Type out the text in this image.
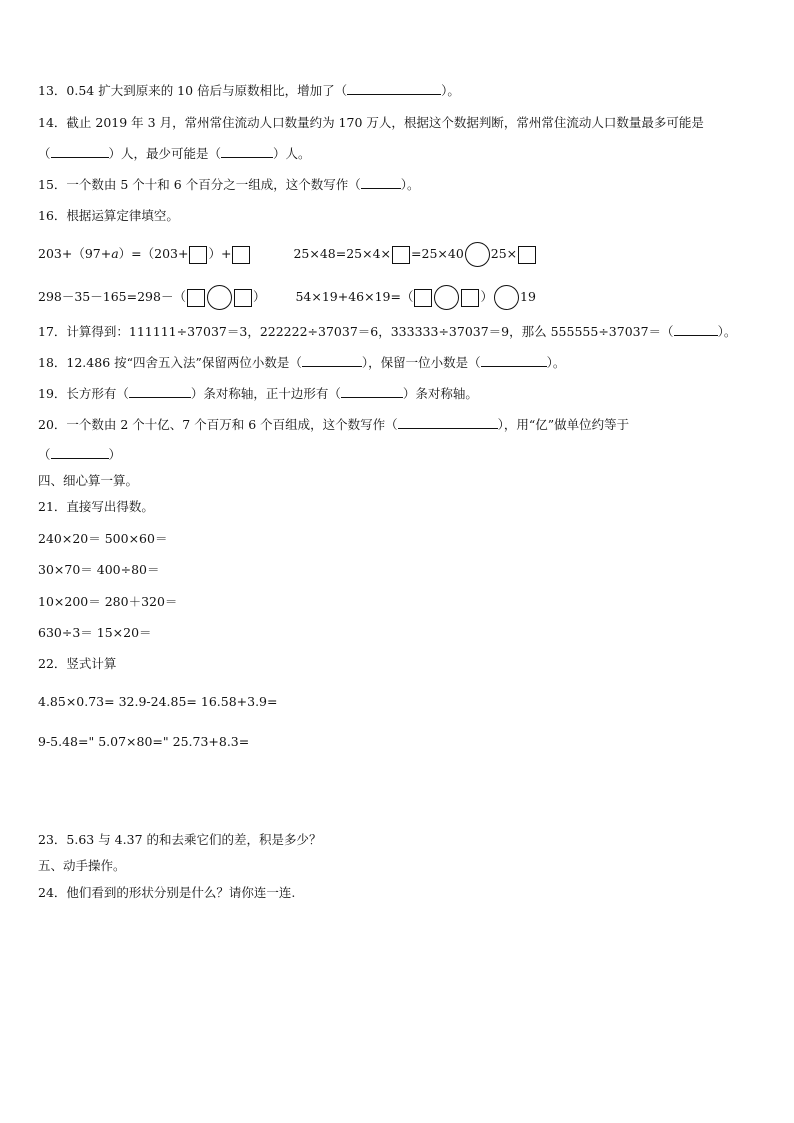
13．0.54 扩大到原来的 10 倍后与原数相比，增加了（	）。
14．截止 2019 年 3 月，常州常住流动人口数量约为 170 万人，根据这个数据判断，常州常住流动人口数量最多可能是
（	）人，最少可能是（	）人。
15．一个数由 5 个十和 6 个百分之一组成，这个数写作（	）。
16．根据运算定律填空。
203+（97+a）=（203+ ）+	25×48=25×4× =25×40 25×
298－35－165=298－（	） 54×19+46×19=（	） 19
17．计算得到：111111÷37037＝3，222222÷37037＝6，333333÷37037＝9，那么 555555÷37037＝（	）。
18．12.486 按“四舍五入法”保留两位小数是（	），保留一位小数是（	）。
19．长方形有（	）条对称轴，正十边形有（	）条对称轴。
20．一个数由 2 个十亿、7 个百万和 6 个百组成，这个数写作（	），用“亿”做单位约等于
（	）
四、细心算一算。
21．直接写出得数。
240×20＝ 500×60＝
30×70＝ 400÷80＝
10×200＝ 280＋320＝
630÷3＝ 15×20＝
22．竖式计算
4.85×0.73= 32.9-24.85= 16.58+3.9=
9-5.48=" 5.07×80=" 25.73+8.3=
23．5.63 与 4.37 的和去乘它们的差，积是多少？
五、动手操作。
24．他们看到的形状分别是什么？请你连一连.
